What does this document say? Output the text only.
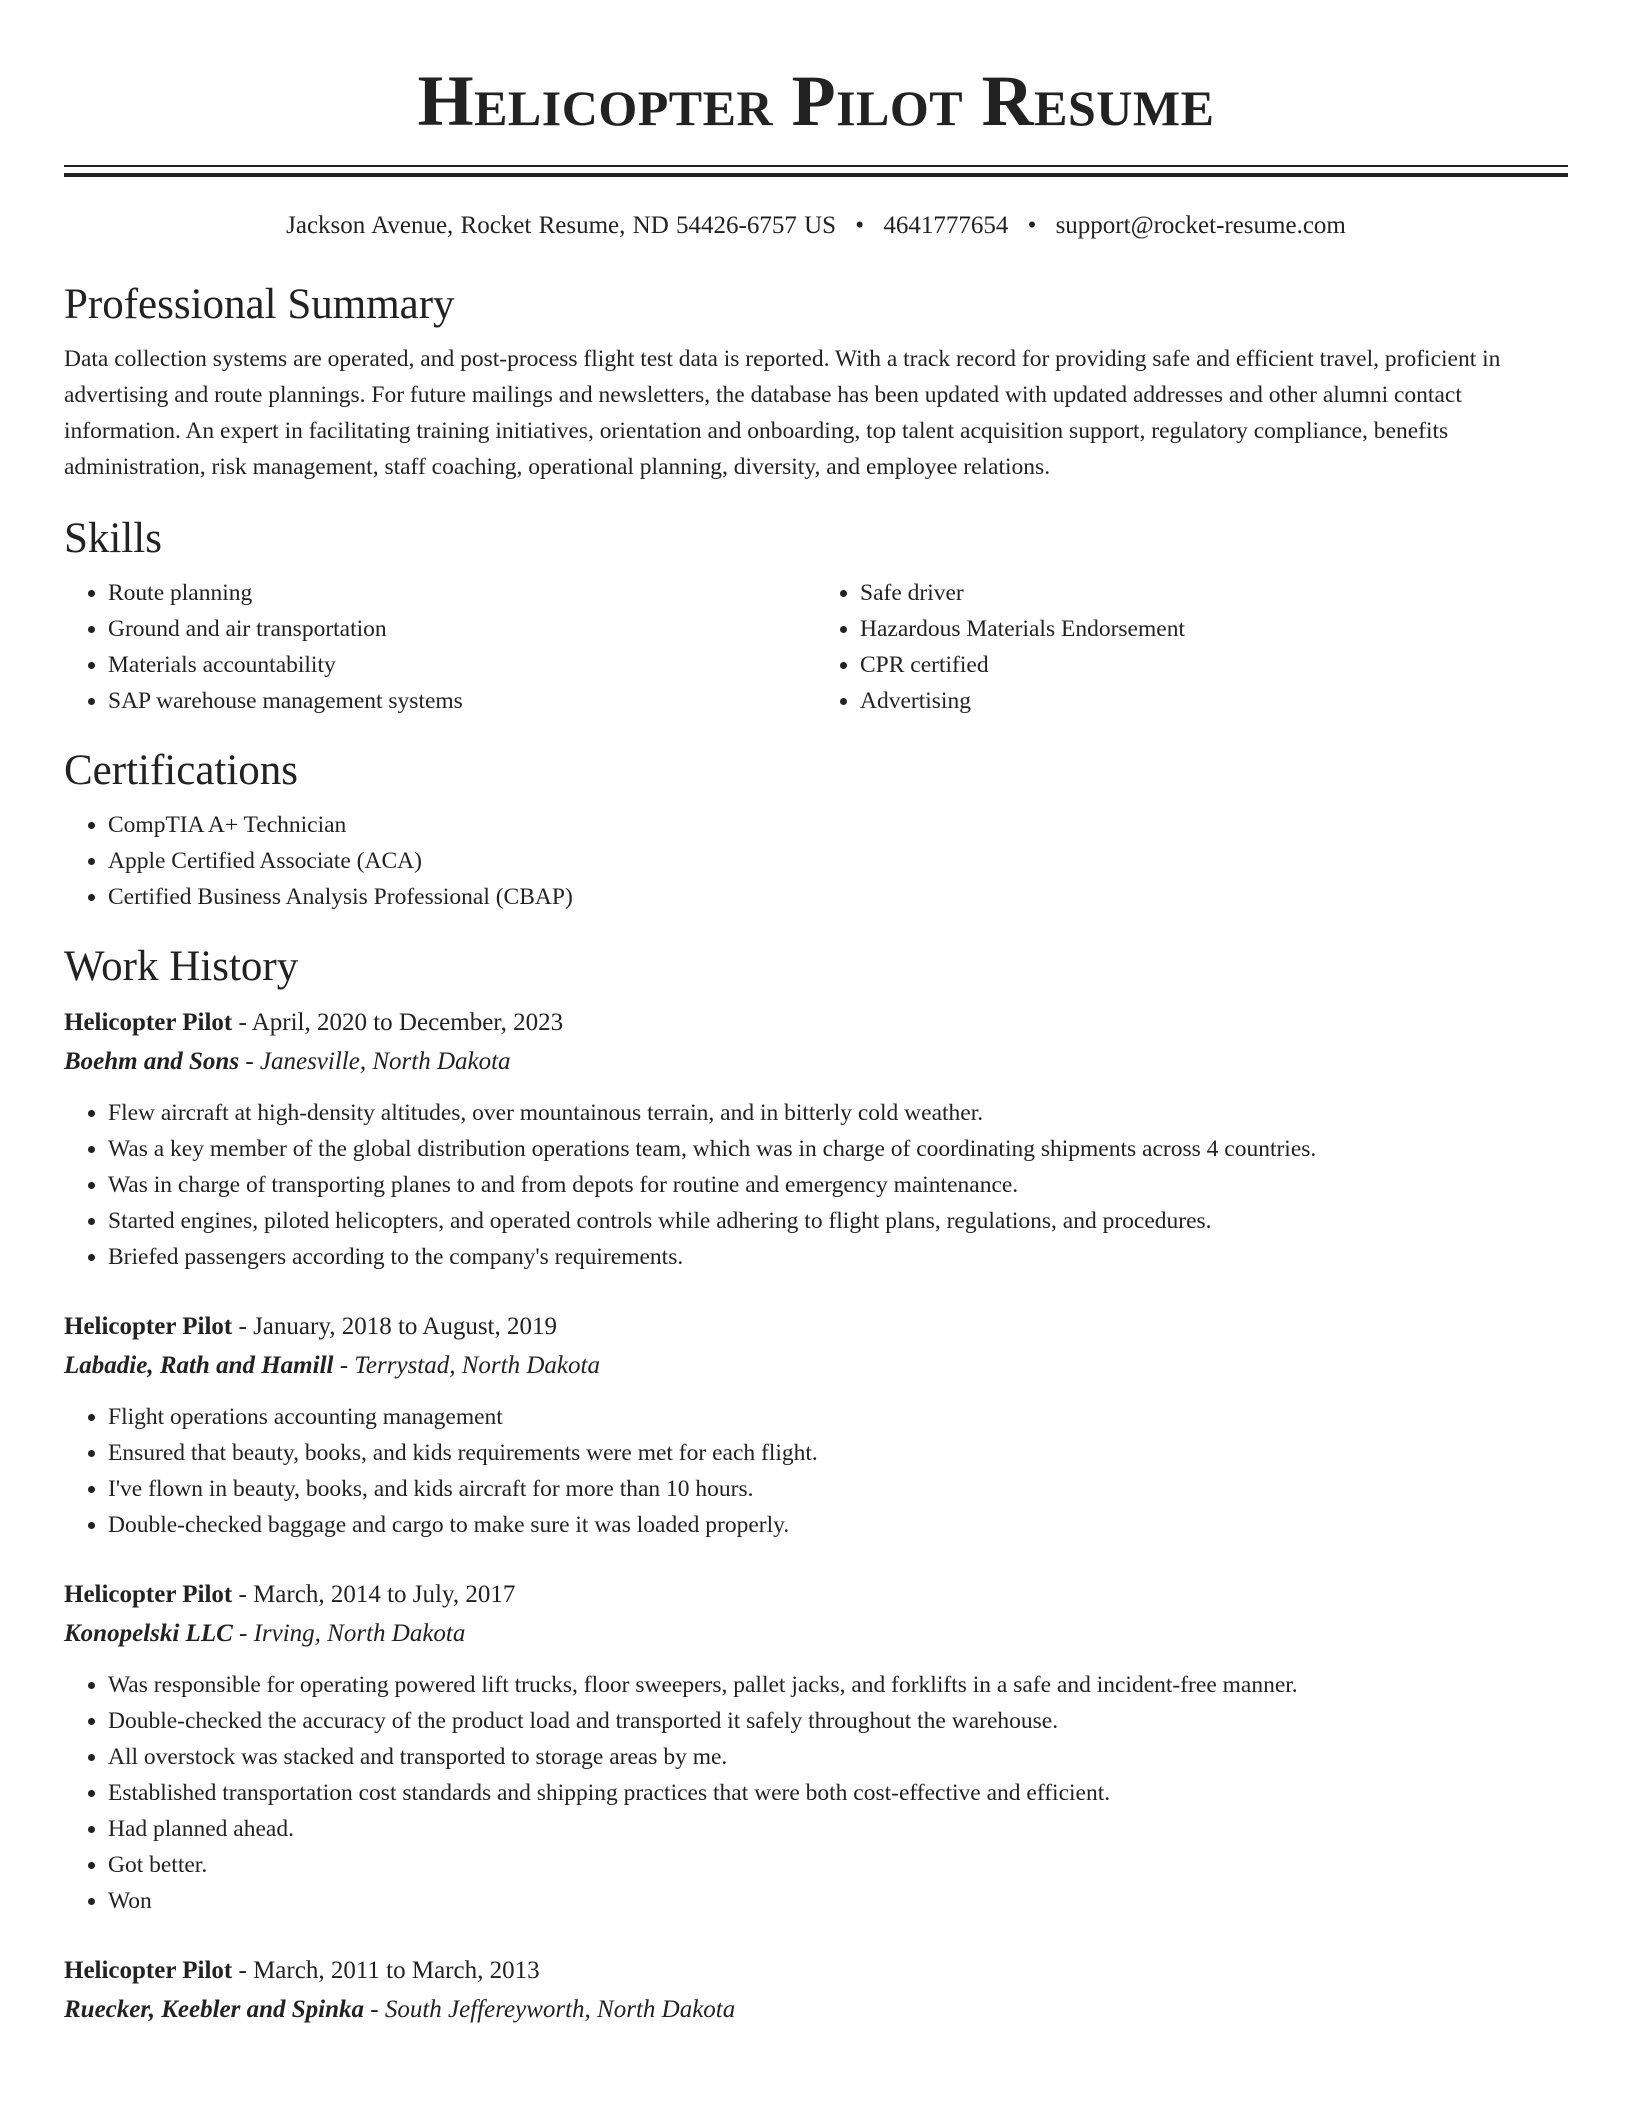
Helicopter Pilot Resume
Jackson Avenue, Rocket Resume, ND 54426-6757 US • 4641777654 • support@rocket-resume.com
Professional Summary

Data collection systems are operated, and post-process flight test data is reported. With a track record for providing safe and efficient travel, proficient in advertising and route plannings. For future mailings and newsletters, the database has been updated with updated addresses and other alumni contact information. An expert in facilitating training initiatives, orientation and onboarding, top talent acquisition support, regulatory compliance, benefits administration, risk management, staff coaching, operational planning, diversity, and employee relations.

Skills
• Route planning
• Ground and air transportation
• Materials accountability
• SAP warehouse management systems
• Safe driver
• Hazardous Materials Endorsement
• CPR certified
• Advertising
Certifications
• CompTIA A+ Technician
• Apple Certified Associate (ACA)
• Certified Business Analysis Professional (CBAP)
Work History
Helicopter Pilot - April, 2020 to December, 2023
Boehm and Sons - Janesville, North Dakota
• Flew aircraft at high-density altitudes, over mountainous terrain, and in bitterly cold weather.
• Was a key member of the global distribution operations team, which was in charge of coordinating shipments across 4 countries.
• Was in charge of transporting planes to and from depots for routine and emergency maintenance.
• Started engines, piloted helicopters, and operated controls while adhering to flight plans, regulations, and procedures.
• Briefed passengers according to the company's requirements.
Helicopter Pilot - January, 2018 to August, 2019
Labadie, Rath and Hamill - Terrystad, North Dakota
• Flight operations accounting management
• Ensured that beauty, books, and kids requirements were met for each flight.
• I've flown in beauty, books, and kids aircraft for more than 10 hours.
• Double-checked baggage and cargo to make sure it was loaded properly.
Helicopter Pilot - March, 2014 to July, 2017
Konopelski LLC - Irving, North Dakota
• Was responsible for operating powered lift trucks, floor sweepers, pallet jacks, and forklifts in a safe and incident-free manner.
• Double-checked the accuracy of the product load and transported it safely throughout the warehouse.
• All overstock was stacked and transported to storage areas by me.
• Established transportation cost standards and shipping practices that were both cost-effective and efficient.
• Had planned ahead.
• Got better.
• Won
Helicopter Pilot - March, 2011 to March, 2013
Ruecker, Keebler and Spinka - South Jeffereyworth, North Dakota
